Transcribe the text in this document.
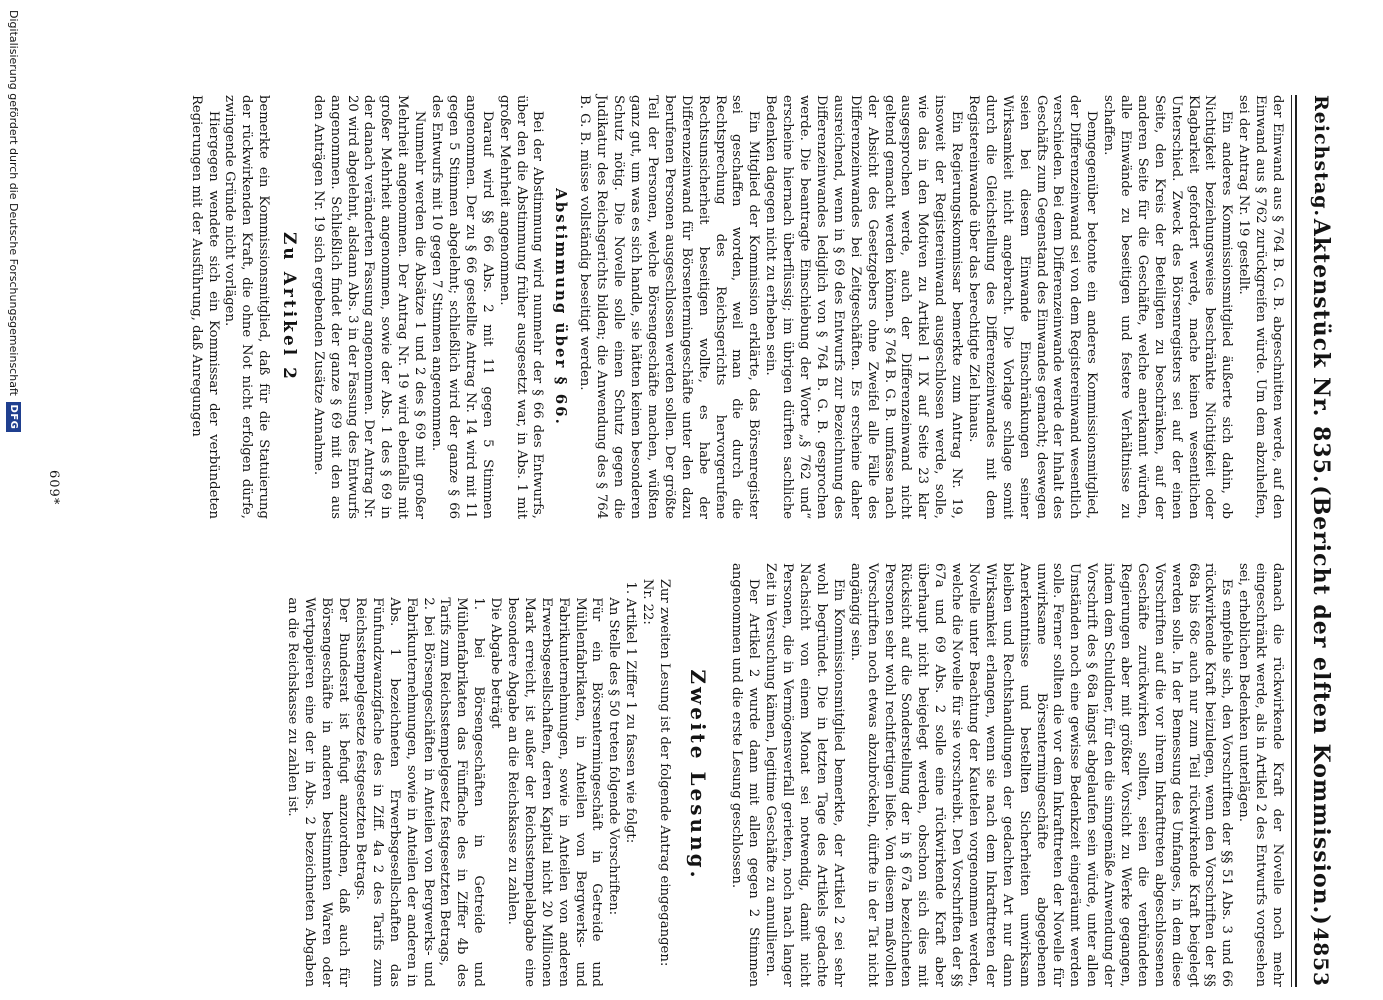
Reichstag.
Aktenstück Nr. 835.
(Bericht der elften Kommission.)
4853

der Einwand aus § 764 B. G. B. abgeschnitten werde, auf den Einwand aus § 762 zurückgreifen würde. Um dem abzuhelfen, sei der Antrag Nr. 19 gestellt.

Ein anderes Kommissionsmitglied äußerte sich dahin, ob Nichtigkeit beziehungsweise beschränkte Nichtigkeit oder Klagbarkeit gefordert werde, mache keinen wesentlichen Unterschied. Zweck des Börsenregisters sei auf der einen Seite, den Kreis der Beteiligten zu beschränken, auf der anderen Seite für die Geschäfte, welche anerkannt würden, alle Einwände zu beseitigen und festere Verhältnisse zu schaffen.

Demgegenüber betonte ein anderes Kommissionsmitglied, der Differenzeinwand sei von dem Registereinwand wesentlich verschieden. Bei dem Differenzeinwande werde der Inhalt des Geschäfts zum Gegenstand des Einwandes gemacht; deswegen seien bei diesem Einwande Einschränkungen seiner Wirksamkeit nicht angebracht. Die Vorlage schlage somit durch die Gleichstellung des Differenzeinwandes mit dem Registereinwande über das berechtigte Ziel hinaus.

Ein Regierungskommissar bemerkte zum Antrag Nr. 19, insoweit der Registereinwand ausgeschlossen werde, solle, wie das in den Motiven zu Artikel 1 IX auf Seite 23 klar ausgesprochen werde, auch der Differenzeinwand nicht geltend gemacht werden können. § 764 B. G. B. umfasse nach der Absicht des Gesetzgebers ohne Zweifel alle Fälle des Differenzeinwandes bei Zeitgeschäften. Es erscheine daher ausreichend, wenn in § 69 des Entwurfs zur Bezeichnung des Differenzeinwandes lediglich von § 764 B. G. B. gesprochen werde. Die beantragte Einschiebung der Worte „§ 762 und“ erscheine hiernach überflüssig; im übrigen dürften sachliche Bedenken dagegen nicht zu erheben sein.

Ein Mitglied der Kommission erklärte, das Börsenregister sei geschaffen worden, weil man die durch die Rechtsprechung des Reichsgerichts hervorgerufene Rechtsunsicherheit beseitigen wollte, es habe der Differenzeinwand für Börsentermingeschäfte unter den dazu berufenen Personen ausgeschlossen werden sollen. Der größte Teil der Personen, welche Börsengeschäfte machen, wüßten ganz gut, um was es sich handle, sie hätten keinen besonderen Schutz nötig. Die Novelle solle einen Schutz gegen die Judikatur des Reichsgerichts bilden; die Anwendung des § 764 B. G. B. müsse vollständig beseitigt werden.

Abstimmung über § 66.

Bei der Abstimmung wird nunmehr der § 66 des Entwurfs, über den die Abstimmung früher ausgesetzt war, in Abs. 1 mit großer Mehrheit angenommen.

Darauf wird §§ 66 Abs. 2 mit 11 gegen 5 Stimmen angenommen. Der zu § 66 gestellte Antrag Nr. 14 wird mit 11 gegen 5 Stimmen abgelehnt; schließlich wird der ganze § 66 des Entwurfs mit 10 gegen 7 Stimmen angenommen.

Nunmehr werden die Absätze 1 und 2 des § 69 mit großer Mehrheit angenommen. Der Antrag Nr. 19 wird ebenfalls mit großer Mehrheit angenommen, sowie der Abs. 1 des § 69 in der danach veränderten Fassung angenommen. Der Antrag Nr. 20 wird abgelehnt, alsdann Abs. 3 in der Fassung des Entwurfs angenommen. Schließlich findet der ganze § 69 mit den aus den Anträgen Nr. 19 sich ergebenden Zusätze Annahme.

Zu Artikel 2

bemerkte ein Kommissionsmitglied, daß für die Statuierung der rückwirkenden Kraft, die ohne Not nicht erfolgen dürfe, zwingende Gründe nicht vorlägen.

Hiergegen wendete sich ein Kommissar der verbündeten Regierungen mit der Ausführung, daß Anregungen

danach die rückwirkende Kraft der Novelle noch mehr eingeschränkt werde, als in Artikel 2 des Entwurfs vorgesehen sei, erheblichen Bedenken unterlägen.

Es empfehle sich, den Vorschriften der §§ 51 Abs. 3 und 66 rückwirkende Kraft beizulegen, wenn den Vorschriften der §§ 68a bis 68c auch nur zum Teil rückwirkende Kraft beigelegt werden solle. In der Bemessung des Umfanges, in dem diese Vorschriften auf die vor ihrem Inkrafttreten abgeschlossenen Geschäfte zurückwirken sollten, seien die verbündeten Regierungen aber mit größter Vorsicht zu Werke gegangen, indem dem Schuldner, für den die sinngemäße Anwendung der Vorschrift des § 68a längst abgelaufen sein würde, unter allen Umständen noch eine gewisse Bedenkzeit eingeräumt werden solle. Ferner sollten die vor dem Inkrafttreten der Novelle für unwirksame Börsentermingeschäfte abgegebenen Anerkenntnisse und bestellten Sicherheiten unwirksam bleiben und Rechtshandlungen der gedachten Art nur dann Wirksamkeit erlangen, wenn sie nach dem Inkrafttreten der Novelle unter Beachtung der Kautelen vorgenommen werden, welche die Novelle für sie vorschreibt. Den Vorschriften der §§ 67a und 69 Abs. 2 solle eine rückwirkende Kraft aber überhaupt nicht beigelegt werden, obschon sich dies mit Rücksicht auf die Sonderstellung der in § 67a bezeichneten Personen sehr wohl rechtfertigen ließe. Von diesem maßvollen Vorschriften noch etwas abzubröckeln, dürfte in der Tat nicht angängig sein.

Ein Kommissionsmitglied bemerkte, der Artikel 2 sei sehr wohl begründet. Die in letzten Tage des Artikels gedachte Nachsicht von einem Monat sei notwendig, damit nicht Personen, die in Vermögensverfall gerieten, noch nach langer Zeit in Versuchung kämen, legitime Geschäfte zu annullieren.

Der Artikel 2 wurde dann mit allen gegen 2 Stimmen angenommen und die erste Lesung geschlossen.

Zweite Lesung.

Zur zweiten Lesung ist der folgende Antrag eingegangen:

Nr. 22:

1. Artikel 1 Ziffer 1 zu fassen wie folgt:

An Stelle des § 50 treten folgende Vorschriften:

Für ein Börsentermingeschäft in Getreide und Mühlenfabrikaten, in Anteilen von Bergwerks- und Fabrikunternehmungen, sowie in Anteilen von anderen Erwerbsgesellschaften, deren Kapital nicht 20 Millionen Mark erreicht, ist außer der Reichsstempelabgabe eine besondere Abgabe an die Reichskasse zu zahlen.

Die Abgabe beträgt

1. bei Börsengeschäften in Getreide und Mühlenfabrikaten das Fünffache des in Ziffer 4b des Tarifs zum Reichsstempelgesetz festgesetzten Betrags,

2. bei Börsengeschäften in Anteilen von Bergwerks- und Fabrikunternehmungen, sowie in Anteilen der anderen in Abs. 1 bezeichneten Erwerbsgesellschaften das Fünfundzwanzigfache des in Ziff. 4a 2 des Tarifs zum Reichsstempelgesetze festgesetzten Betrags.

Der Bundesrat ist befugt anzuordnen, daß auch für Börsengeschäfte in anderen bestimmten Waren oder Wertpapieren eine der in Abs. 2 bezeichneten Abgaben an die Reichskasse zu zahlen ist.

609*
Digitalisierung gefördert durch die Deutsche Forschungsgemeinschaft
DFG
